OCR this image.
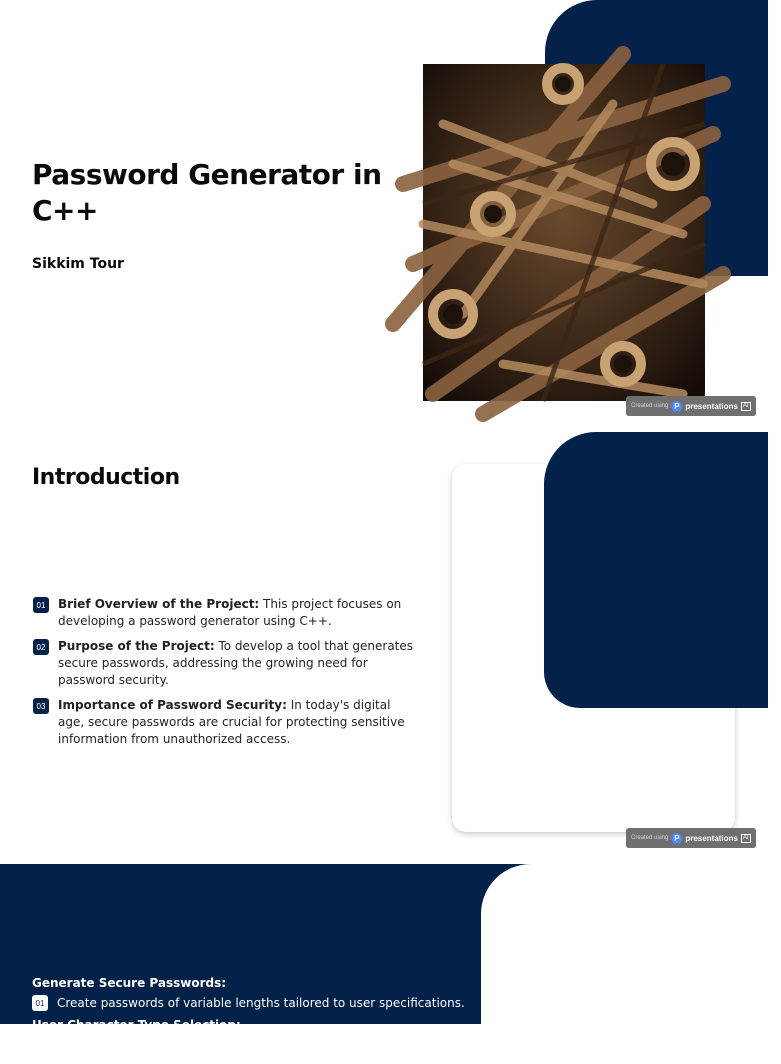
Password Generator in C++
Sikkim Tour
Created using P presentations AI
Introduction
01 Brief Overview of the Project: This project focuses on developing a password generator using C++.
02 Purpose of the Project: To develop a tool that generates secure passwords, addressing the growing need for password security.
03 Importance of Password Security: In today's digital age, secure passwords are crucial for protecting sensitive information from unauthorized access.
Created using P presentations AI
Generate Secure Passwords:
01 Create passwords of variable lengths tailored to user specifications.
User Character Type Selection:
